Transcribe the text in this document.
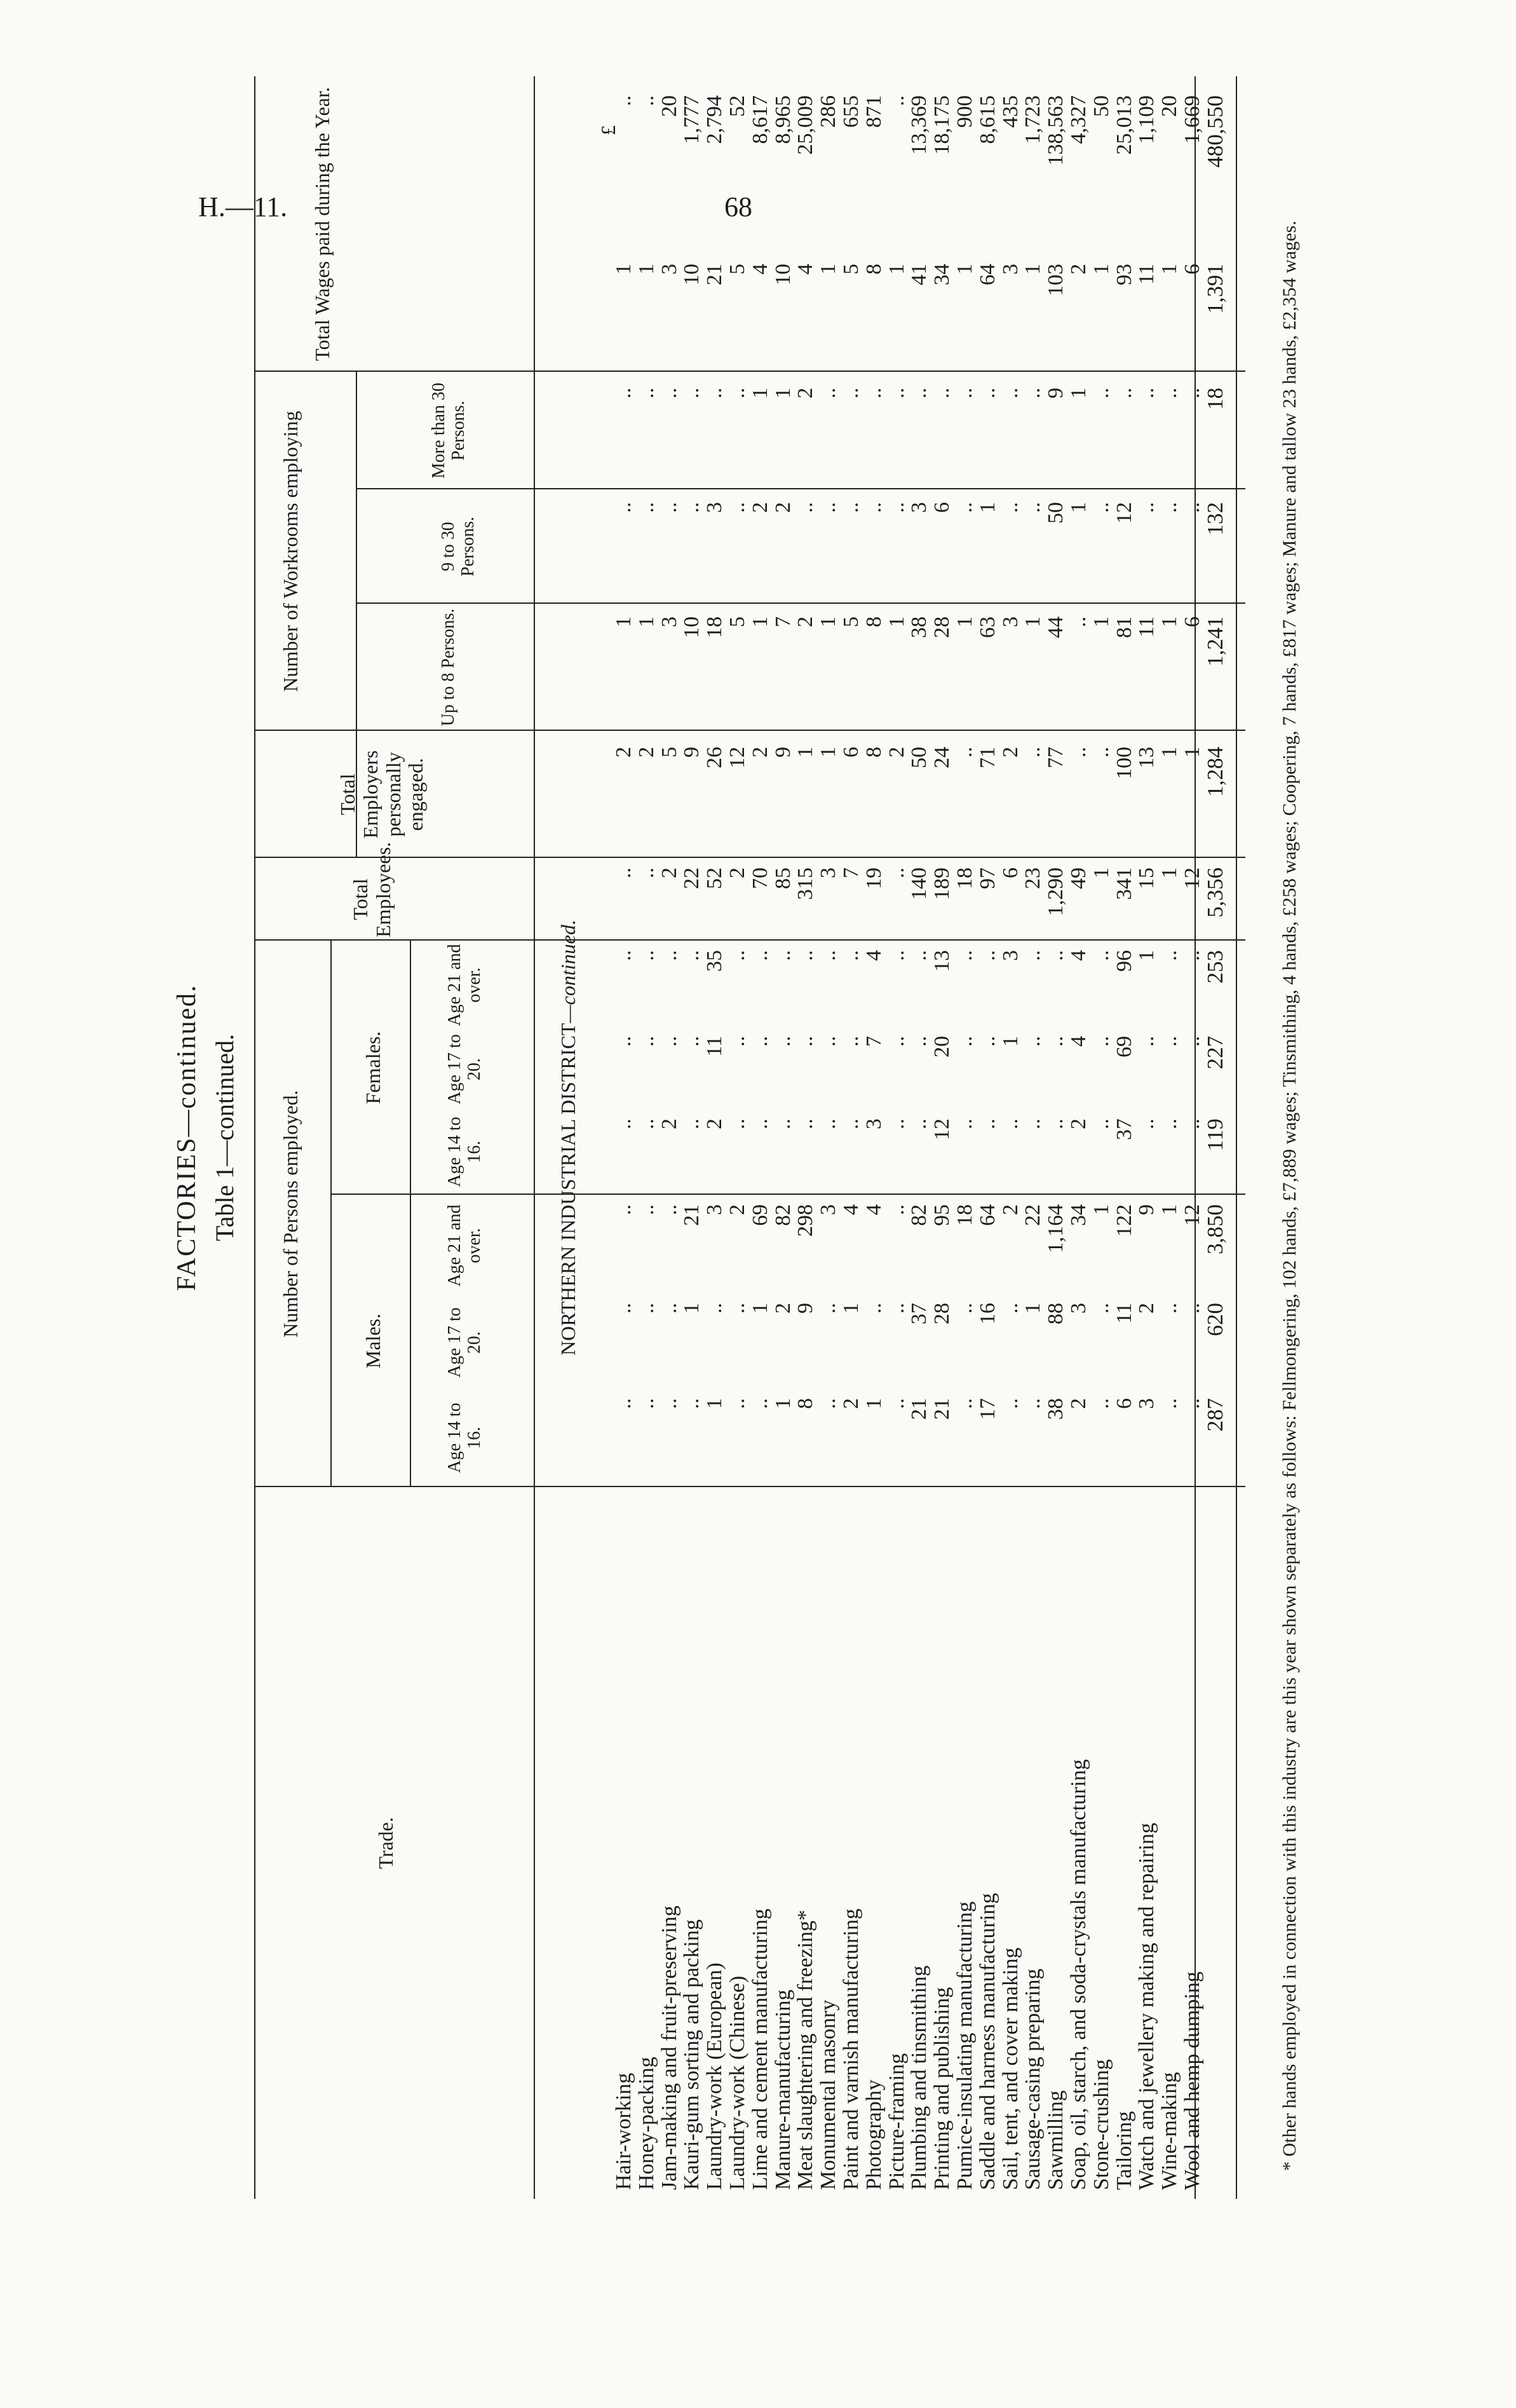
H.—11.	68
FACTORIES—continued. Table 1—continued.
Trade.
Number of Persons employed.
Males.
Females.
Age 14 to 16.
Age 17 to 20.
Age 21 and over.
Age 14 to 16.
Age 17 to 20.
Age 21 and over.
Total Employees.
Total Employers personally engaged.
Number of Workrooms employing	Up to 8 Persons.
9 to 30 Persons.
More than 30 Persons.
Total Wages paid during the Year.
NORTHERN INDUSTRIAL DISTRICT—continued.
£
Hair-working
..
..
..
..
..
..
..
2
1
..
..
1
..
Honey-packing
..
..
..
..
..
..
..
2
1
..
..
1
..
Jam-making and fruit-preserving
..
..
..
2
..
..
2
5
3
..
..
3
20
Kauri-gum sorting and packing
..
1
21
..
..
..
22
9
10
..
..
10
1,777
Laundry-work (European)
1
..
3
2
11
35
52
26
18
3
..
21
2,794
Laundry-work (Chinese)
..
..
2
..
..
..
2
12
5
..
..
5
52
Lime and cement manufacturing
..
1
69
..
..
..
70
2
1
2
1
4
8,617
Manure-manufacturing
1
2
82
..
..
..
85
9
7
2
1
10
8,965
Meat slaughtering and freezing*
8
9
298
..
..
..
315
1
2
..
2
4
25,009
Monumental masonry
..
..
3
..
..
..
3
1
1
..
..
1
286
Paint and varnish manufacturing
2
1
4
..
..
..
7
6
5
..
..
5
655
Photography
1
..
4
3
7
4
19
8
8
..
..
8
871
Picture-framing
..
..
..
..
..
..
..
2
1
..
..
1
..
Plumbing and tinsmithing
21
37
82
..
..
..
140
50
38
3
..
41
13,369
Printing and publishing
21
28
95
12
20
13
189
24
28
6
..
34
18,175
Pumice-insulating manufacturing
..
..
18
..
..
..
18
..
1
..
..
1
900
Saddle and harness manufacturing
17
16
64
..
..
..
97
71
63
1
..
64
8,615
Sail, tent, and cover making
..
..
2
..
1
3
6
2
3
..
..
3
435
Sausage-casing preparing
..
1
22
..
..
..
23
..
1
..
..
1
1,723
Sawmilling
38
88
1,164
..
..
..
1,290
77
44
50
9
103
138,563
Soap, oil, starch, and soda-crystals manufacturing
2
3
34
2
4
4
49
..
..
1
1
2
4,327
Stone-crushing
..
..
1
..
..
..
1
..
1
..
..
1
50
Tailoring
6
11
122
37
69
96
341
100
81
12
..
93
25,013
Watch and jewellery making and repairing
3
2
9
..
..
1
15
13
11
..
..
11
1,109
Wine-making
..
..
1
..
..
..
1
1
1
..
..
1
20
Wool and hemp dumping
..
..
12
..
..
..
12
1
6
..
..
6
1,669
287
620
3,850
119
227
253
5,356
1,284
1,241
132
18
1,391
480,550
* Other hands employed in connection with this industry are this year shown separately as follows: Fellmongering, 102 hands, £7,889 wages; Tinsmithing, 4 hands, £258 wages; Coopering, 7 hands, £817 wages; Manure and tallow 23 hands, £2,354 wages.
